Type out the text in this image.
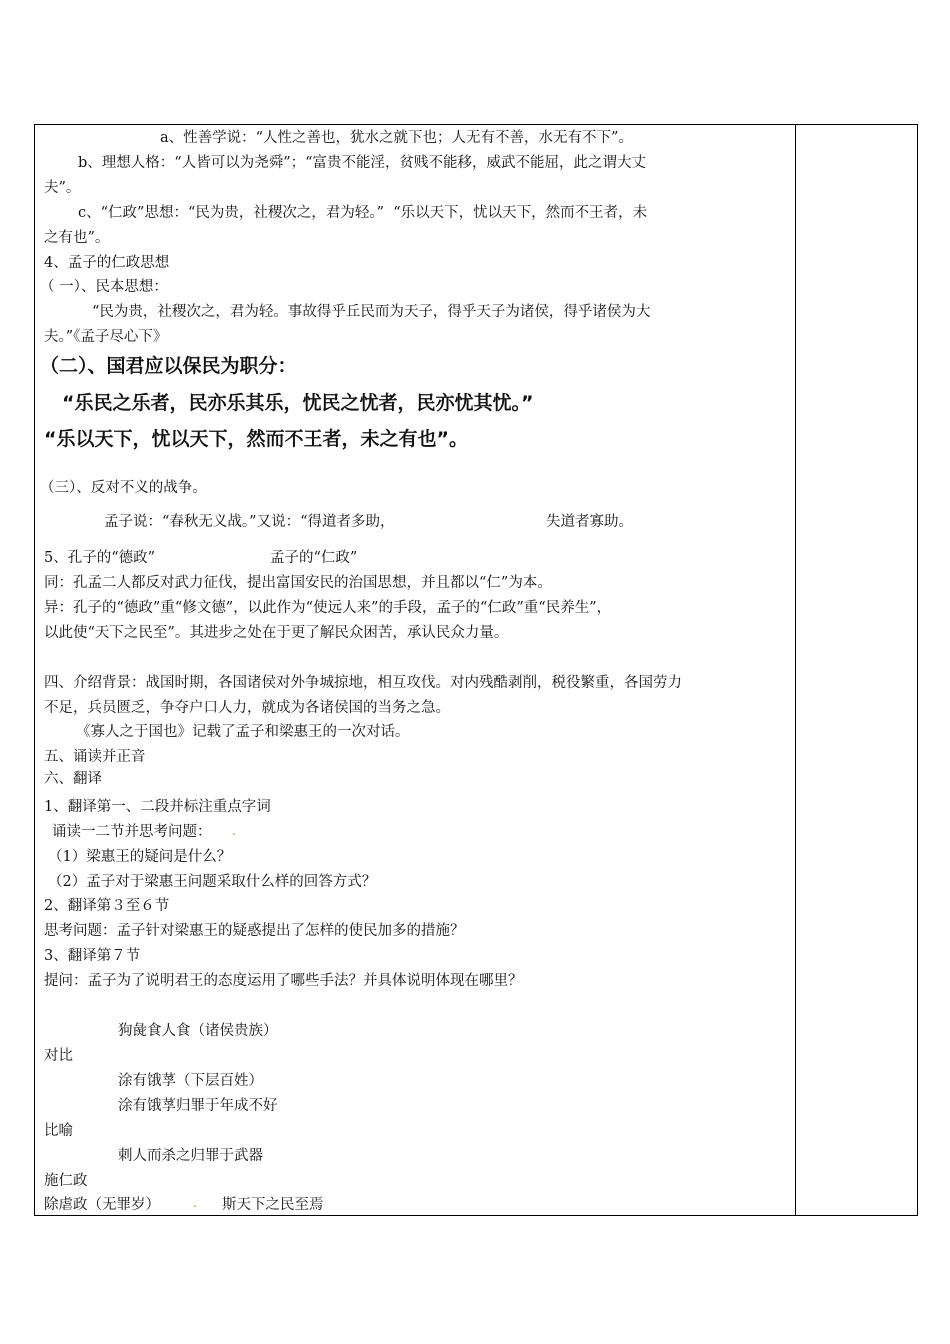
a、性善学说：“人性之善也，犹水之就下也；人无有不善，水无有不下”。
b、理想人格：“人皆可以为尧舜”；“富贵不能淫，贫贱不能移，威武不能屈，此之谓大丈
夫”。
c、“仁政”思想：“民为贵，社稷次之，君为轻。”  “乐以天下，忧以天下，然而不王者，未
之有也”。
4、孟子的仁政思想
（ 一）、民本思想：
“民为贵，社稷次之，君为轻。事故得乎丘民而为天子，得乎天子为诸侯，得乎诸侯为大
夫。”《孟子尽心下》
（二）、国君应以保民为职分：
“乐民之乐者，民亦乐其乐，忧民之忧者，民亦忧其忧。”
“乐以天下，忧以天下，然而不王者，未之有也”。
（三）、反对不义的战争。
孟子说：“春秋无义战。”又说：“得道者多助，	失道者寡助。
5、孔子的“德政”	孟子的“仁政”
同：孔孟二人都反对武力征伐，提出富国安民的治国思想，并且都以“仁”为本。
异：孔子的“德政”重“修文德”，以此作为“使远人来”的手段，孟子的“仁政”重“民养生”，
以此使“天下之民至”。其进步之处在于更了解民众困苦，承认民众力量。
四、介绍背景：战国时期，各国诸侯对外争城掠地，相互攻伐。对内残酷剥削，税役繁重，各国劳力
不足，兵员匮乏，争夺户口人力，就成为各诸侯国的当务之急。
《寡人之于国也》记载了孟子和梁惠王的一次对话。
五、诵读并正音
六、翻译
1、翻译第一、二段并标注重点字词
诵读一二节并思考问题： .
（1）梁惠王的疑问是什么？
（2）孟子对于梁惠王问题采取什么样的回答方式？
2、翻译第３至６节
思考问题：孟子针对梁惠王的疑惑提出了怎样的使民加多的措施？
3、翻译第７节
提问：孟子为了说明君王的态度运用了哪些手法？并具体说明体现在哪里？
狗彘食人食（诸侯贵族）
对比
涂有饿莩（下层百姓）
涂有饿莩归罪于年成不好
比喻
刺人而杀之归罪于武器
施仁政
除虐政（无罪岁）	. 斯天下之民至焉
